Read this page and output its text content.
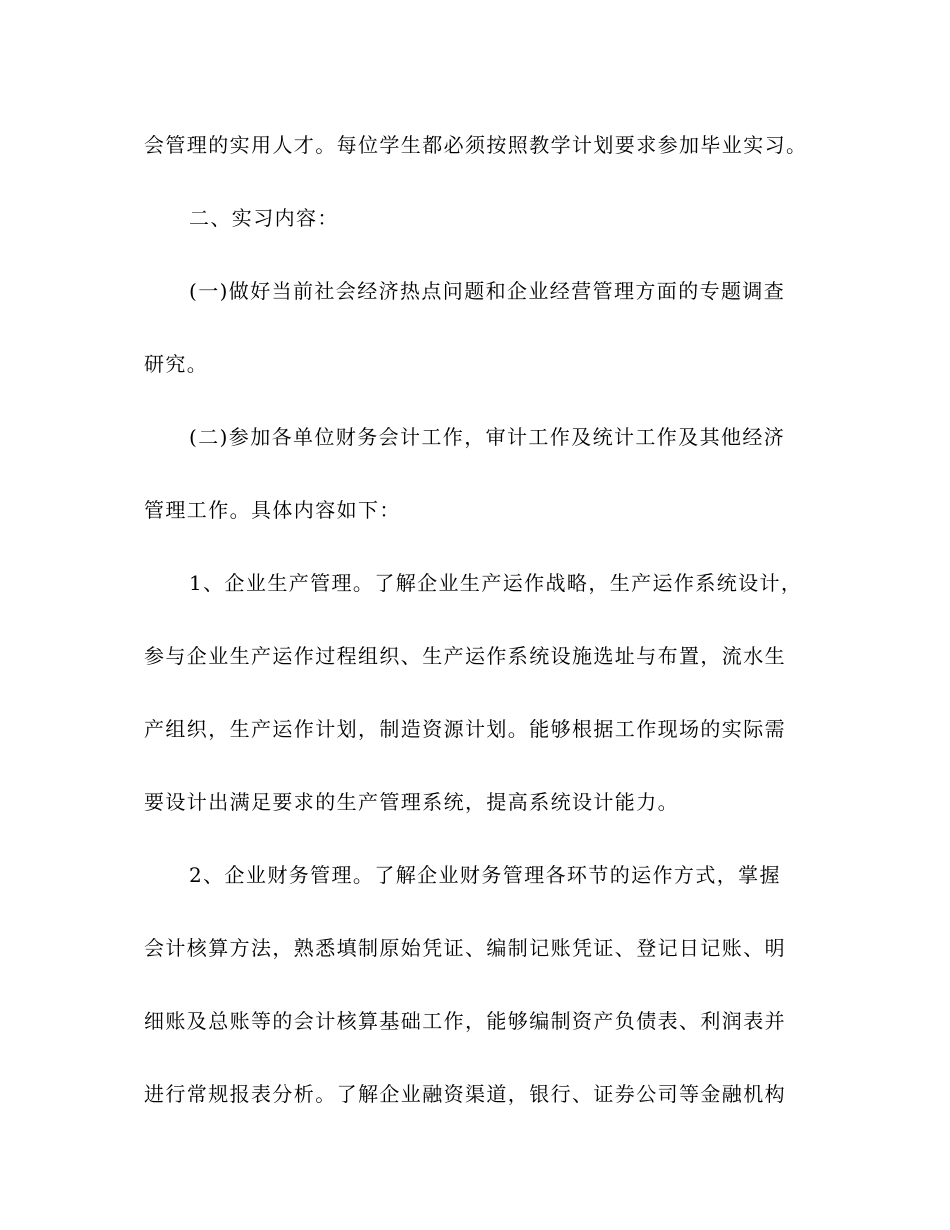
会管理的实用人才。每位学生都必须按照教学计划要求参加毕业实习。
二、实习内容：
(一)做好当前社会经济热点问题和企业经营管理方面的专题调查
研究。
(二)参加各单位财务会计工作，审计工作及统计工作及其他经济
管理工作。具体内容如下：
1、企业生产管理。了解企业生产运作战略，生产运作系统设计，
参与企业生产运作过程组织、生产运作系统设施选址与布置，流水生
产组织，生产运作计划，制造资源计划。能够根据工作现场的实际需
要设计出满足要求的生产管理系统，提高系统设计能力。
2、企业财务管理。了解企业财务管理各环节的运作方式，掌握
会计核算方法，熟悉填制原始凭证、编制记账凭证、登记日记账、明
细账及总账等的会计核算基础工作，能够编制资产负债表、利润表并
进行常规报表分析。了解企业融资渠道，银行、证券公司等金融机构
